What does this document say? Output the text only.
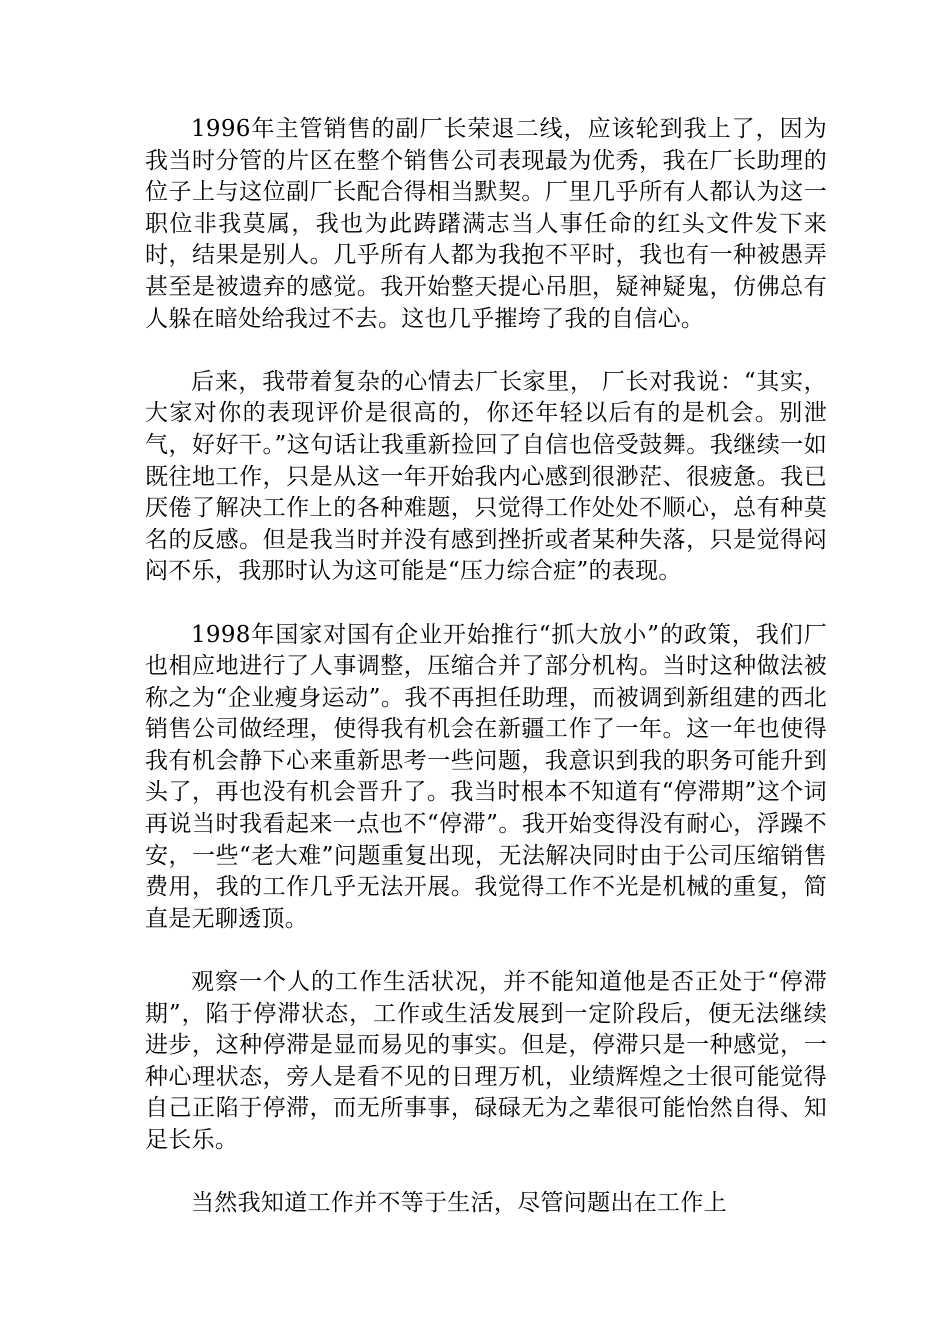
1996年主管销售的副厂长荣退二线，应该轮到我上了，因为我当时分管的片区在整个销售公司表现最为优秀，我在厂长助理的位子上与这位副厂长配合得相当默契。厂里几乎所有人都认为这一职位非我莫属，我也为此踌躇满志当人事任命的红头文件发下来时，结果是别人。几乎所有人都为我抱不平时，我也有一种被愚弄甚至是被遗弃的感觉。我开始整天提心吊胆，疑神疑鬼，仿佛总有人躲在暗处给我过不去。这也几乎摧垮了我的自信心。

后来，我带着复杂的心情去厂长家里， 厂长对我说：“其实，大家对你的表现评价是很高的，你还年轻以后有的是机会。别泄气，好好干。”这句话让我重新捡回了自信也倍受鼓舞。我继续一如既往地工作，只是从这一年开始我内心感到很渺茫、很疲惫。我已厌倦了解决工作上的各种难题，只觉得工作处处不顺心，总有种莫名的反感。但是我当时并没有感到挫折或者某种失落，只是觉得闷闷不乐，我那时认为这可能是“压力综合症”的表现。

1998年国家对国有企业开始推行“抓大放小”的政策，我们厂也相应地进行了人事调整，压缩合并了部分机构。当时这种做法被称之为“企业瘦身运动”。我不再担任助理，而被调到新组建的西北销售公司做经理，使得我有机会在新疆工作了一年。这一年也使得我有机会静下心来重新思考一些问题，我意识到我的职务可能升到头了，再也没有机会晋升了。我当时根本不知道有“停滞期”这个词再说当时我看起来一点也不“停滞”。我开始变得没有耐心，浮躁不安，一些“老大难”问题重复出现，无法解决同时由于公司压缩销售费用，我的工作几乎无法开展。我觉得工作不光是机械的重复，简直是无聊透顶。

观察一个人的工作生活状况，并不能知道他是否正处于“停滞期”，陷于停滞状态，工作或生活发展到一定阶段后，便无法继续进步，这种停滞是显而易见的事实。但是，停滞只是一种感觉，一种心理状态，旁人是看不见的日理万机，业绩辉煌之士很可能觉得自己正陷于停滞，而无所事事，碌碌无为之辈很可能怡然自得、知足长乐。

当然我知道工作并不等于生活，尽管问题出在工作上
